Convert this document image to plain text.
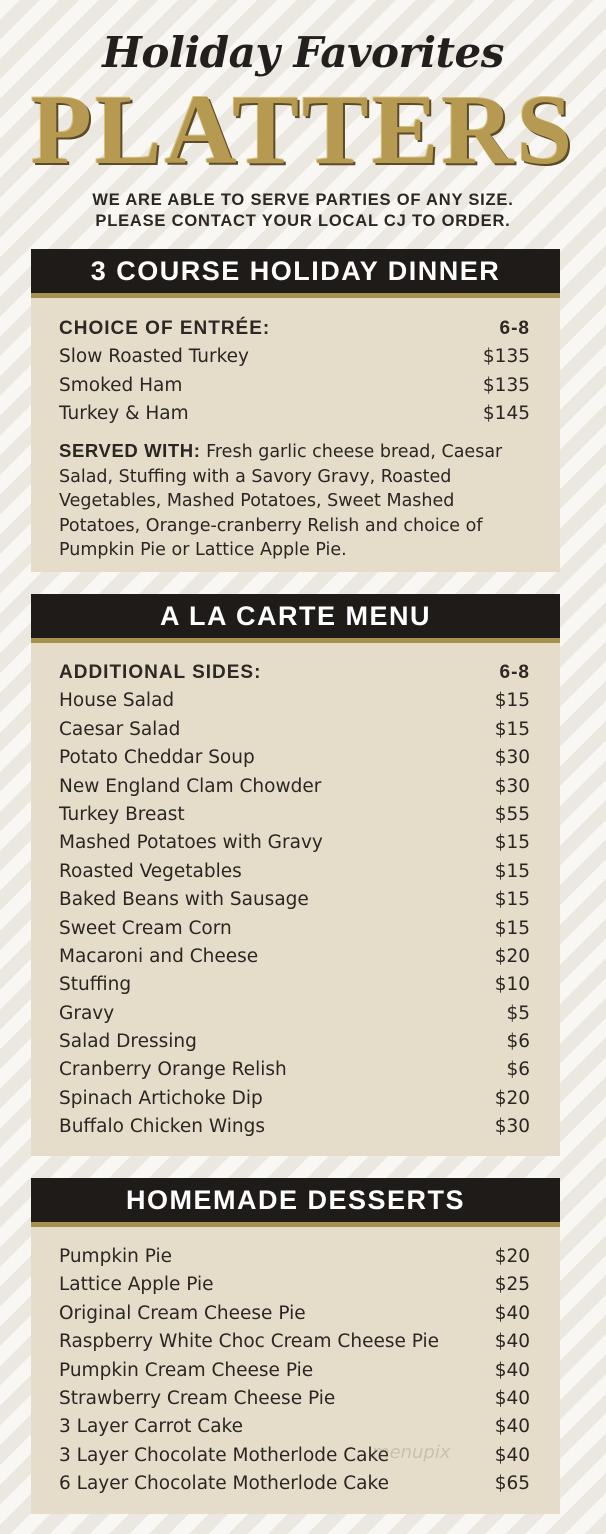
Holiday Favorites
PLATTERS
WE ARE ABLE TO SERVE PARTIES OF ANY SIZE.
PLEASE CONTACT YOUR LOCAL CJ TO ORDER.
3 COURSE HOLIDAY DINNER
CHOICE OF ENTRÉE:	6-8
Slow Roasted Turkey	$135
Smoked Ham	$135
Turkey & Ham	$145
SERVED WITH: Fresh garlic cheese bread, Caesar Salad, Stuffing with a Savory Gravy, Roasted Vegetables, Mashed Potatoes, Sweet Mashed Potatoes, Orange-cranberry Relish and choice of Pumpkin Pie or Lattice Apple Pie.
A LA CARTE MENU
ADDITIONAL SIDES:	6-8
House Salad	$15
Caesar Salad	$15
Potato Cheddar Soup	$30
New England Clam Chowder	$30
Turkey Breast	$55
Mashed Potatoes with Gravy	$15
Roasted Vegetables	$15
Baked Beans with Sausage	$15
Sweet Cream Corn	$15
Macaroni and Cheese	$20
Stuffing	$10
Gravy	$5
Salad Dressing	$6
Cranberry Orange Relish	$6
Spinach Artichoke Dip	$20
Buffalo Chicken Wings	$30
HOMEMADE DESSERTS
Pumpkin Pie	$20
Lattice Apple Pie	$25
Original Cream Cheese Pie	$40
Raspberry White Choc Cream Cheese Pie	$40
Pumpkin Cream Cheese Pie	$40
Strawberry Cream Cheese Pie	$40
3 Layer Carrot Cake	$40
3 Layer Chocolate Motherlode Cake	$40
6 Layer Chocolate Motherlode Cake	$65
menupix
